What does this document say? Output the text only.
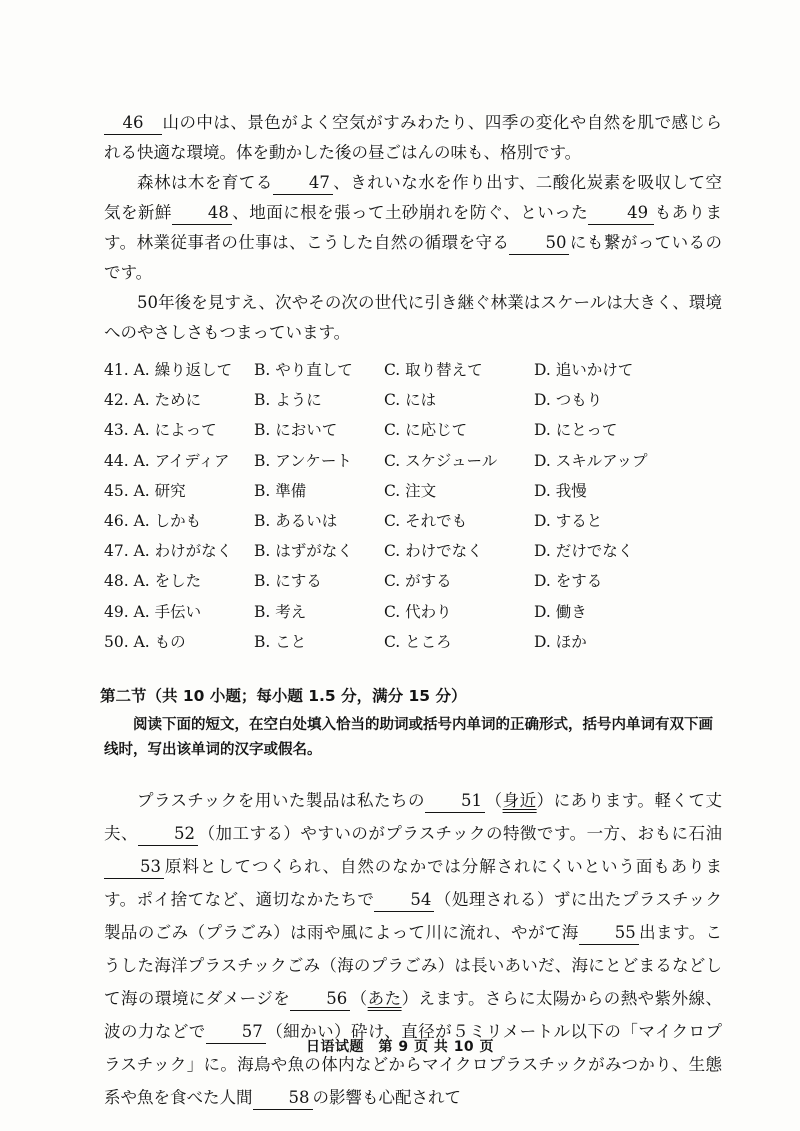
46 山の中は、景色がよく空気がすみわたり、四季の変化や自然を肌で感じられる快適な環境。体を動かした後の昼ごはんの味も、格別です。

森林は木を育てる 47 、きれいな水を作り出す、二酸化炭素を吸収して空気を新鮮 48 、地面に根を張って土砂崩れを防ぐ、といった 49 もあります。林業従事者の仕事は、こうした自然の循環を守る 50 にも繋がっているのです。

50年後を見すえ、次やその次の世代に引き継ぐ林業はスケールは大きく、環境へのやさしさもつまっています。

41. A. 繰り返して	B. やり直して	C. 取り替えて	D. 追いかけて
42. A. ために	B. ように	C. には	D. つもり
43. A. によって	B. において	C. に応じて	D. にとって
44. A. アイディア	B. アンケート	C. スケジュール	D. スキルアップ
45. A. 研究	B. 準備	C. 注文	D. 我慢
46. A. しかも	B. あるいは	C. それでも	D. すると
47. A. わけがなく	B. はずがなく	C. わけでなく	D. だけでなく
48. A. をした	B. にする	C. がする	D. をする
49. A. 手伝い	B. 考え	C. 代わり	D. 働き
50. A. もの	B. こと	C. ところ	D. ほか
第二节（共 10 小题；每小题 1.5 分，满分 15 分）

阅读下面的短文，在空白处填入恰当的助词或括号内单词的正确形式，括号内单词有双下画线时，写出该单词的汉字或假名。

プラスチックを用いた製品は私たちの 51 （身近）にあります。軽くて丈夫、 52 （加工する）やすいのがプラスチックの特徴です。一方、おもに石油53 原料としてつくられ、自然のなかでは分解されにくいという面もあります。ポイ捨てなど、適切なかたちで 54 （処理される）ずに出たプラスチック製品のごみ（プラごみ）は雨や風によって川に流れ、やがて海 55 出ます。こうした海洋プラスチックごみ（海のプラごみ）は長いあいだ、海にとどまるなどして海の環境にダメージを 56 （あた）えます。さらに太陽からの熱や紫外線、波の力などで 57 （細かい）砕け、直径が５ミリメートル以下の「マイクロプラスチック」に。海鳥や魚の体内などからマイクロプラスチックがみつかり、生態系や魚を食べた人間 58 の影響も心配されて

日语试题　第 9 页 共 10 页
